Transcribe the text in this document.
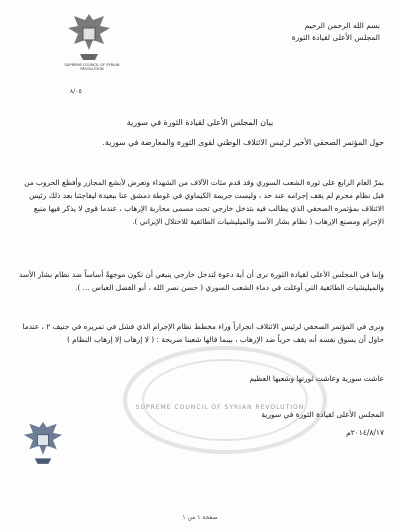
SUPREME COUNCIL OF SYRIAN REVOLUTION
٨/٠٥
بسم الله الرحمن الرحيم
المجلس الأعلى لقيادة الثورة
بيان المجلس الأعلى لقيادة الثورة في سورية
حول المؤتمر الصحفي الأخير لرئيس الائتلاف الوطني لقوى الثورة والمعارضة في سورية.
بمرّ العام الرابع على ثورة الشعب السوري وقد قدم مئات الآلاف من الشهداء وتعرض لأبشع المجازر وأفظع الحروب من قبل نظام مجرم لم يقف إجرامه عند حد ، وليست جريمة الكيماوي في غوطة دمشق عنا ببعيدة ليفاجئنا بعد ذلك رئيس الائتلاف بمؤتمره الصحفي الذي يطالب فيه بتدخل خارجي تحت مسمى محاربة الإرهاب ، عندما قوى لا يذكر فيها منبع الإجرام ومصنع الإرهاب ( نظام بشار الأسد والميليشيات الطائفية للاحتلال الإيراني ).
وإننا في المجلس الأعلى لقيادة الثورة نرى أن أية دعوة لتدخل خارجي ينبغي أن تكون موجهةً أساساً ضد نظام بشار الأسد والميليشيات الطائفية التي أوغلت في دماء الشعب السوري ( حسن نصر الله ، أبو الفضل العباس ... ).
ونرى في المؤتمر الصحفي لرئيس الائتلاف انجراراً وراء مخطط نظام الإجرام الذي فشل في تمريره في جنيف ٢ ، عندما حاول أن يسوق نفسه أنه يقف حرباً ضد الإرهاب ، بينما قالها شعبنا صريحة : ( لا إرهاب إلا إرهاب النظام )
عاشت سورية وعاشت ثورتها وشعبها العظيم
SUPREME COUNCIL OF SYRIAN REVOLUTION
المجلس الأعلى لقيادة الثورة في سورية
٢٠١٤/٨/١٧م
صفحة ١ من ١
